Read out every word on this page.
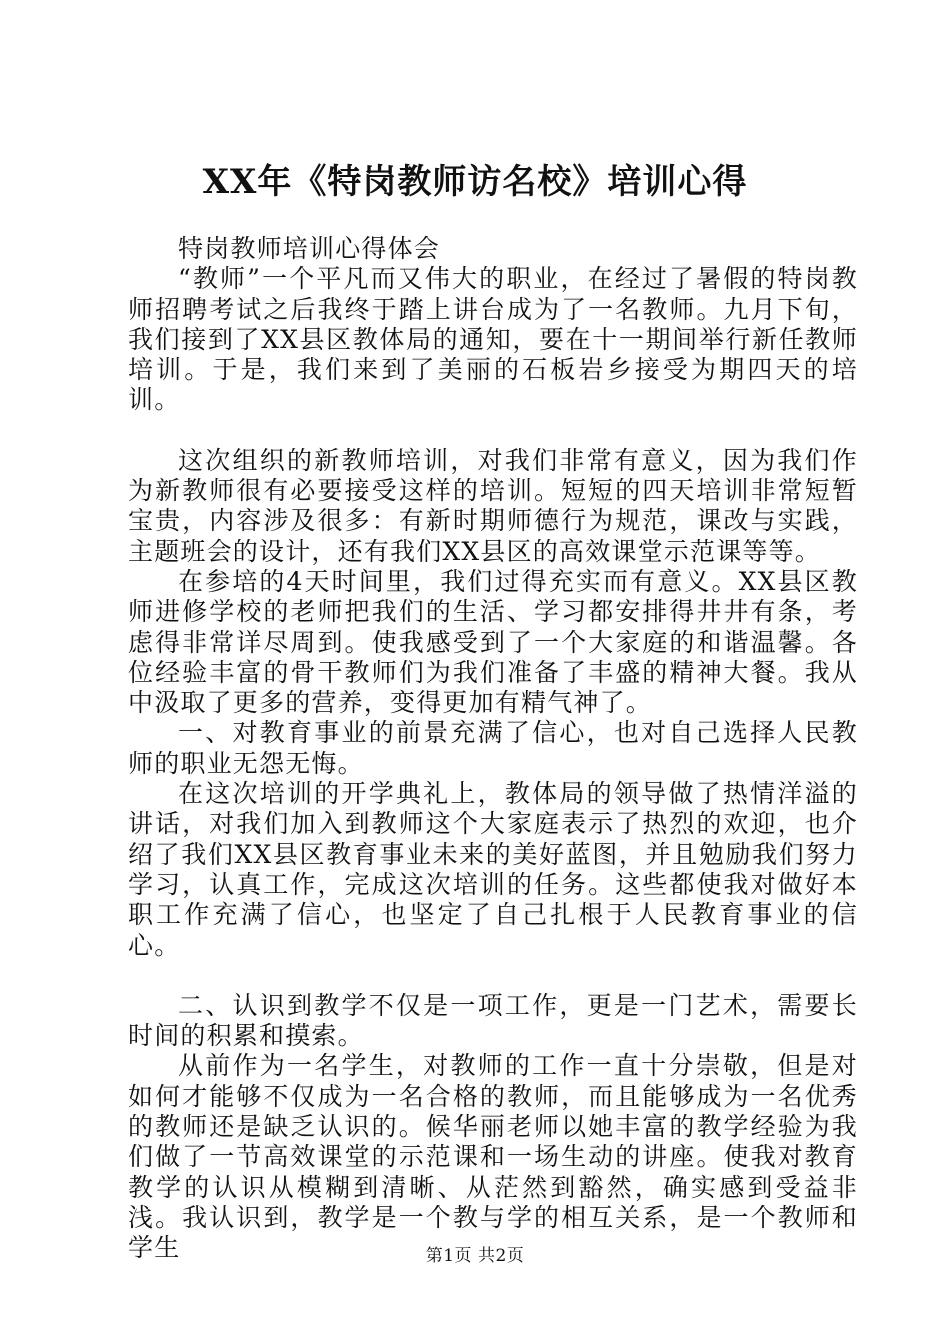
XX年《特岗教师访名校》培训心得

特岗教师培训心得体会

“教师”一个平凡而又伟大的职业，在经过了暑假的特岗教师招聘考试之后我终于踏上讲台成为了一名教师。九月下旬，我们接到了XX县区教体局的通知，要在十一期间举行新任教师培训。于是，我们来到了美丽的石板岩乡接受为期四天的培训。

这次组织的新教师培训，对我们非常有意义，因为我们作为新教师很有必要接受这样的培训。短短的四天培训非常短暂宝贵，内容涉及很多：有新时期师德行为规范，课改与实践，主题班会的设计，还有我们XX县区的高效课堂示范课等等。

在参培的4天时间里，我们过得充实而有意义。XX县区教师进修学校的老师把我们的生活、学习都安排得井井有条，考虑得非常详尽周到。使我感受到了一个大家庭的和谐温馨。各位经验丰富的骨干教师们为我们准备了丰盛的精神大餐。我从中汲取了更多的营养，变得更加有精气神了。

一、对教育事业的前景充满了信心，也对自己选择人民教师的职业无怨无悔。

在这次培训的开学典礼上，教体局的领导做了热情洋溢的讲话，对我们加入到教师这个大家庭表示了热烈的欢迎，也介绍了我们XX县区教育事业未来的美好蓝图，并且勉励我们努力学习，认真工作，完成这次培训的任务。这些都使我对做好本职工作充满了信心，也坚定了自己扎根于人民教育事业的信心。

二、认识到教学不仅是一项工作，更是一门艺术，需要长时间的积累和摸索。

从前作为一名学生，对教师的工作一直十分崇敬，但是对如何才能够不仅成为一名合格的教师，而且能够成为一名优秀的教师还是缺乏认识的。候华丽老师以她丰富的教学经验为我们做了一节高效课堂的示范课和一场生动的讲座。使我对教育教学的认识从模糊到清晰、从茫然到豁然，确实感到受益非浅。我认识到，教学是一个教与学的相互关系，是一个教师和学生	第1页 共2页
